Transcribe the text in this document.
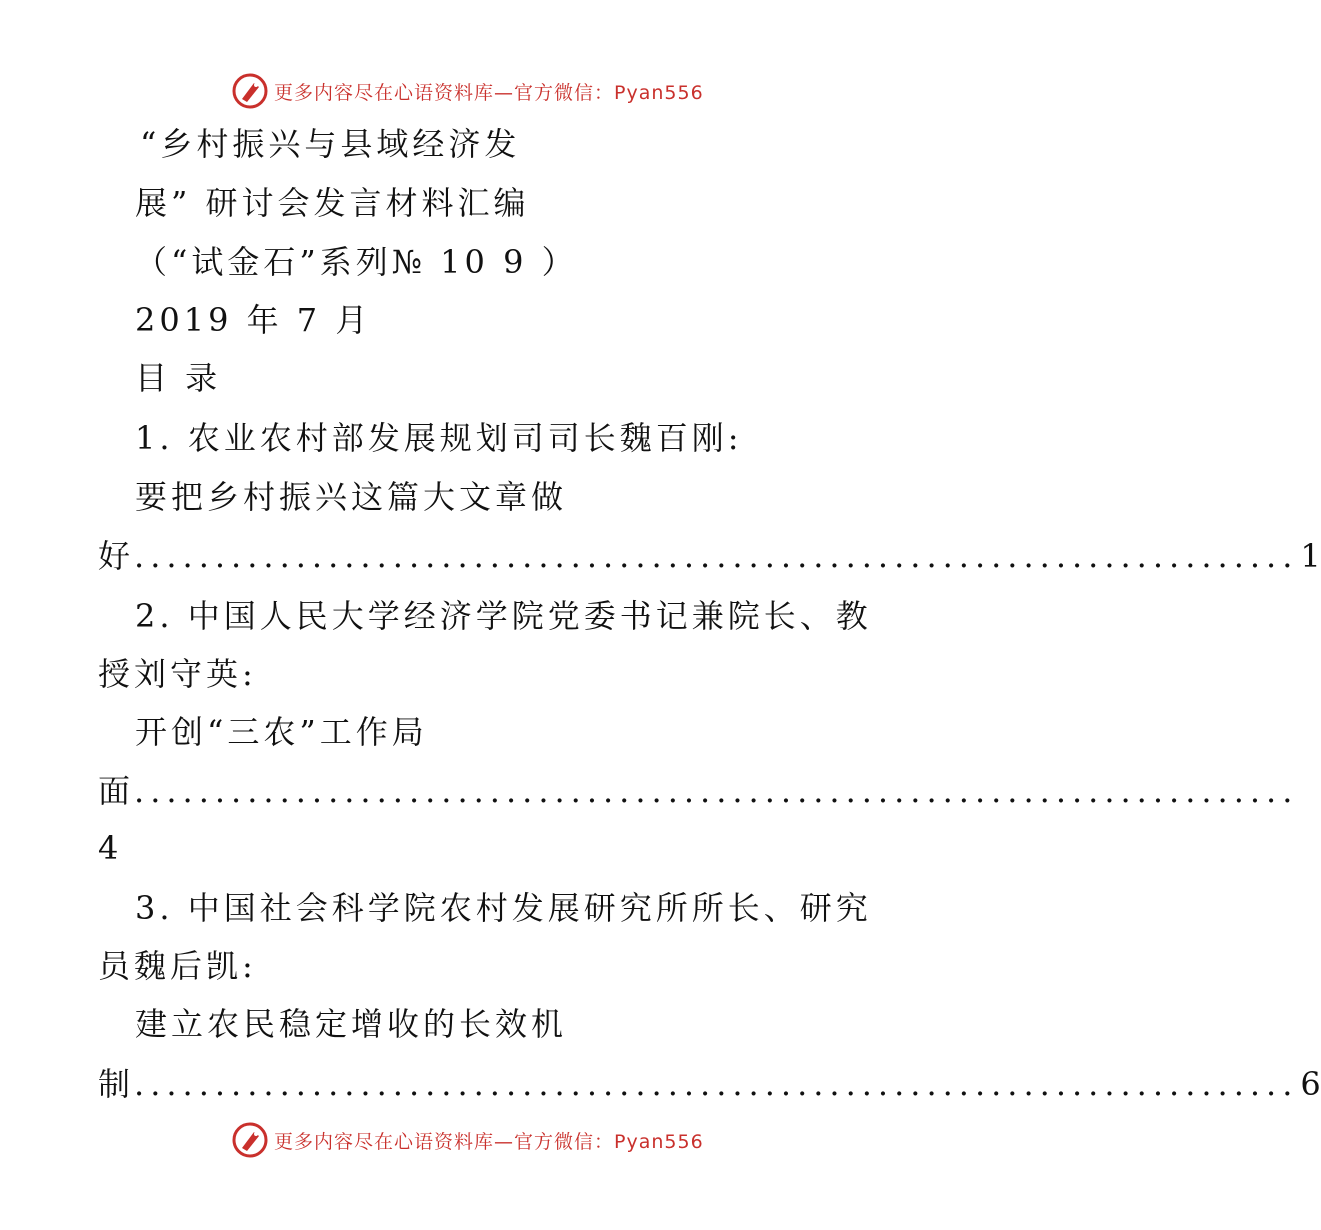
更多内容尽在心语资料库—官方微信：Pyan556

“乡村振兴与县域经济发

展” 研讨会发言材料汇编

（“试金石”系列№ 10 9 ）

2019 年 7 月

目 录

1. 农业农村部发展规划司司长魏百刚:

要把乡村振兴这篇大文章做

好 ........................................................................ 1

2. 中国人民大学经济学院党委书记兼院长、教

授刘守英:

开创“三农”工作局

面 ........................................................................

4

3. 中国社会科学院农村发展研究所所长、研究

员魏后凯:

建立农民稳定增收的长效机

制 ........................................................................ 6
更多内容尽在心语资料库—官方微信：Pyan556
